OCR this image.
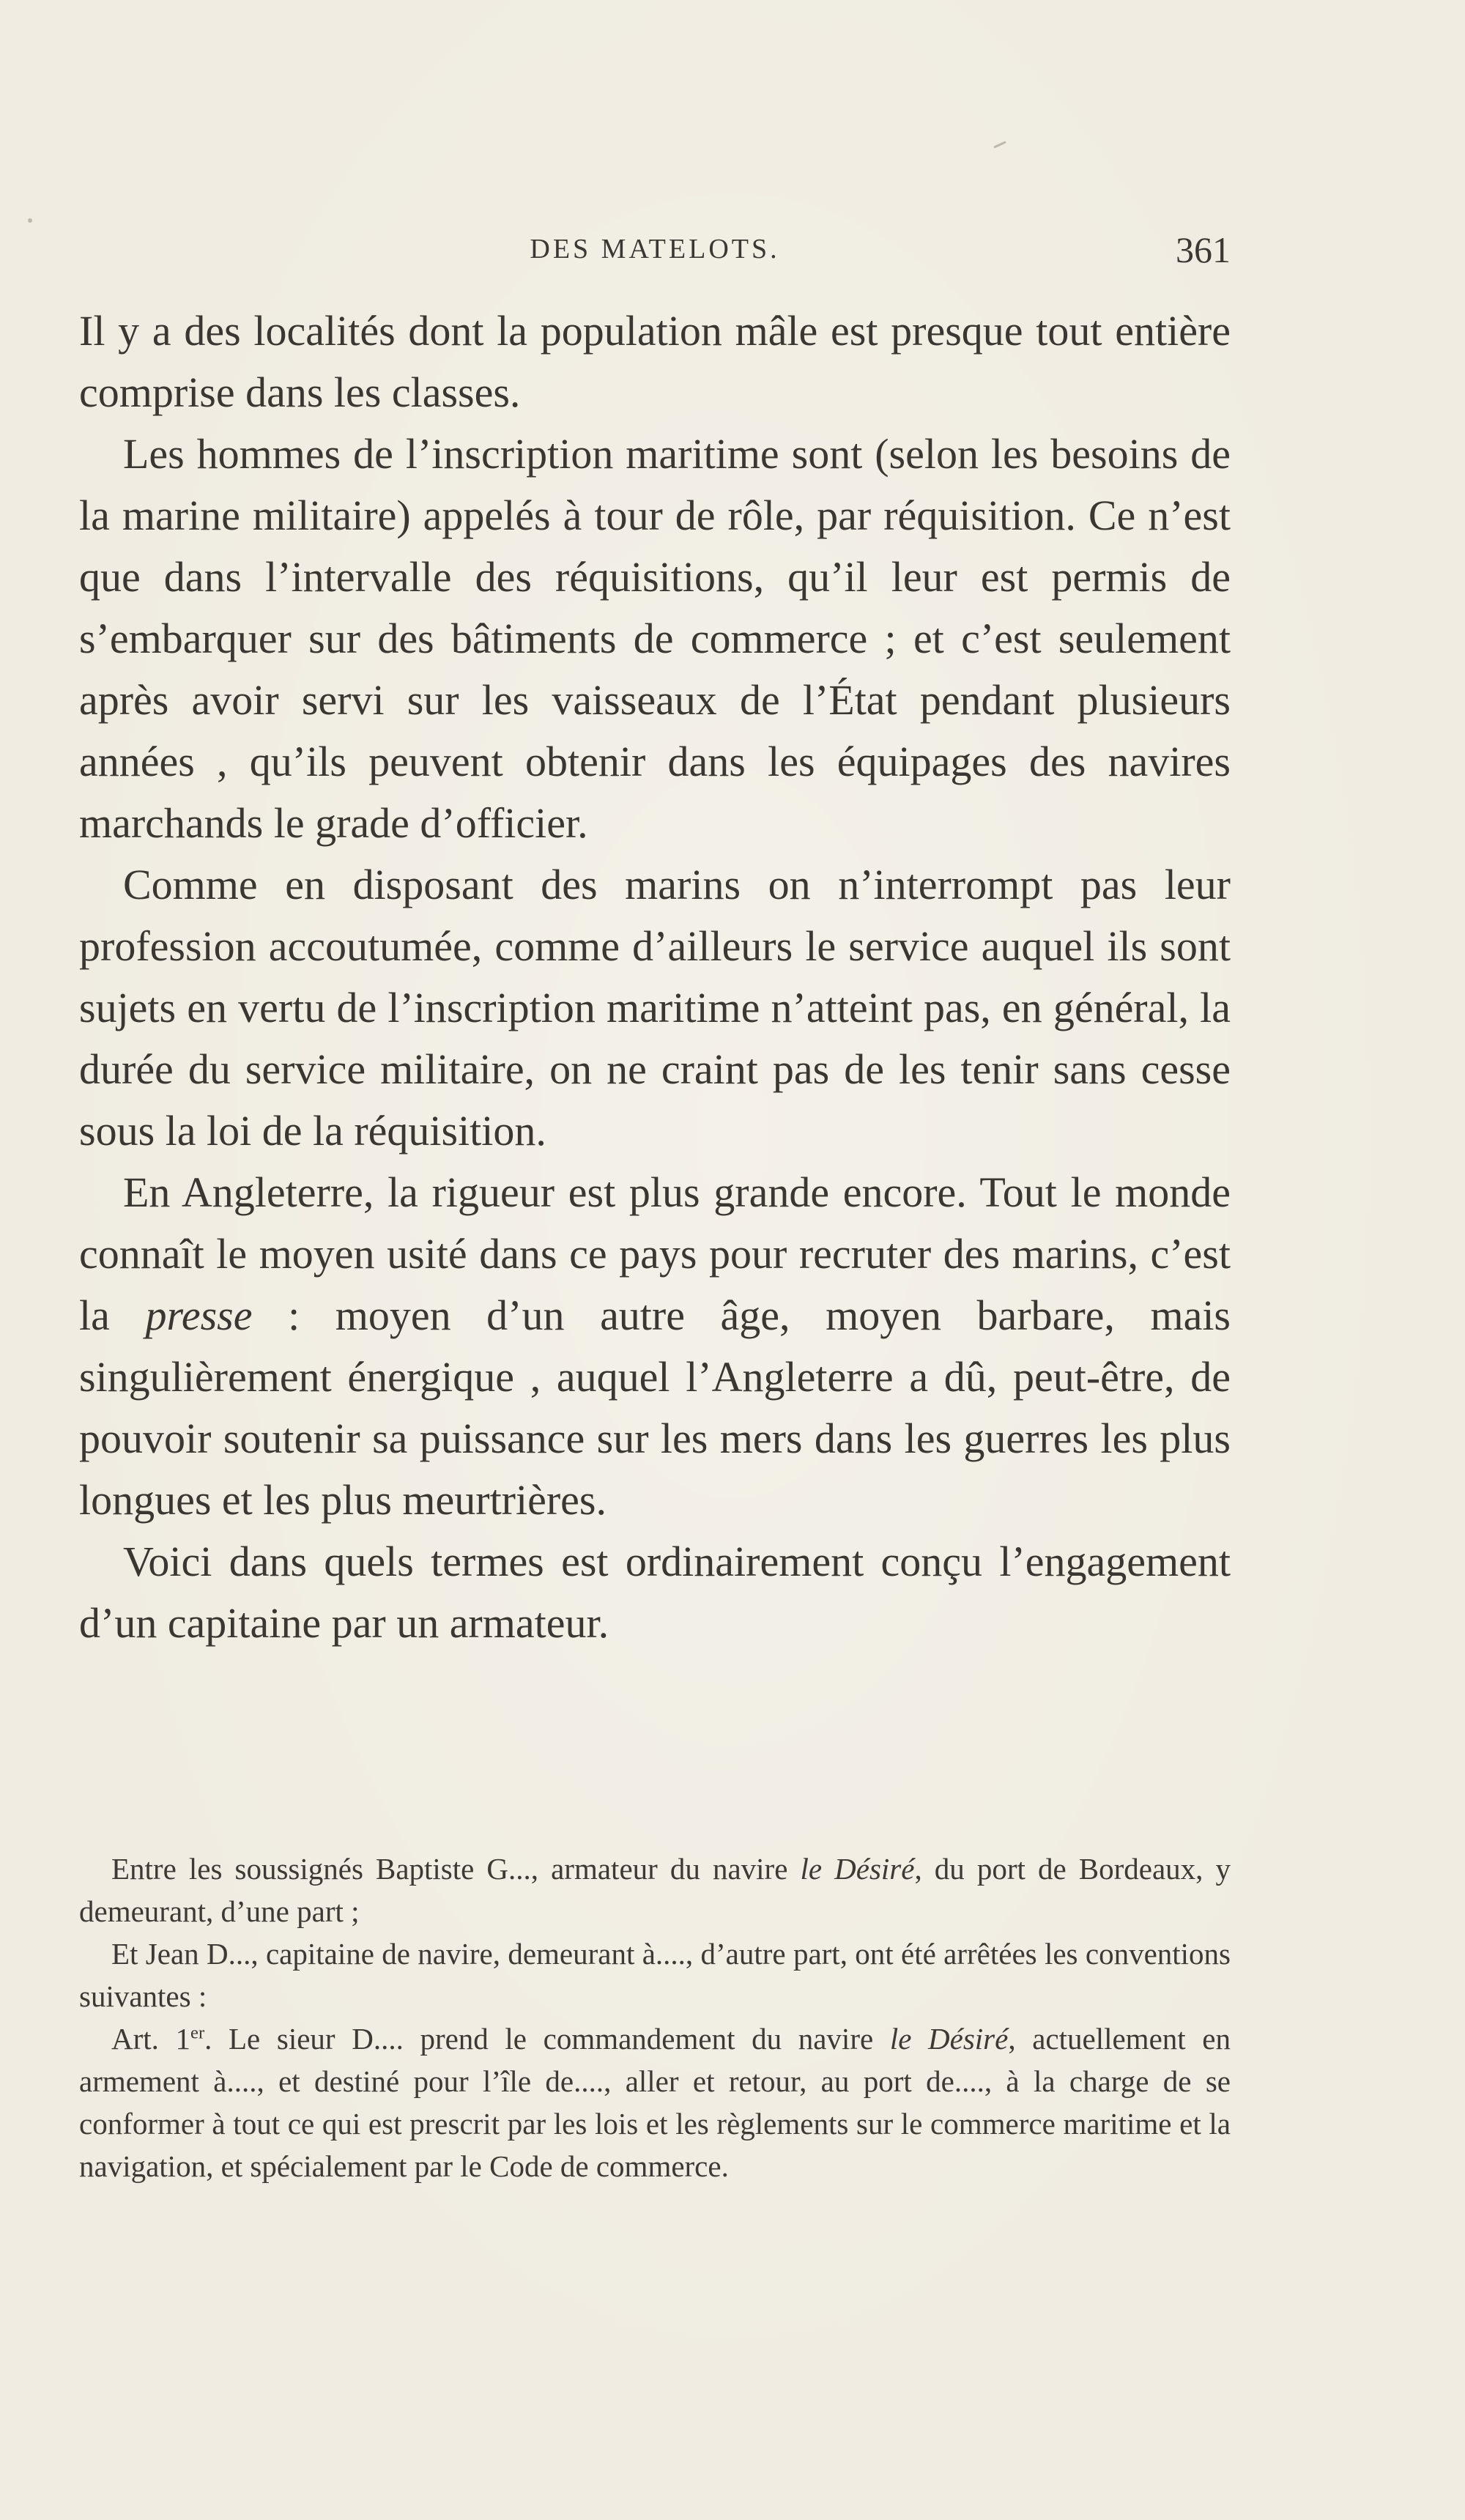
DES MATELOTS.	361

Il y a des localités dont la population mâle est presque tout entière comprise dans les classes.

Les hommes de l’inscription maritime sont (selon les besoins de la marine militaire) appelés à tour de rôle, par réquisition. Ce n’est que dans l’intervalle des réquisitions, qu’il leur est permis de s’embarquer sur des bâtiments de commerce ; et c’est seulement après avoir servi sur les vaisseaux de l’État pendant plusieurs années , qu’ils peuvent obtenir dans les équipages des navires marchands le grade d’officier.

Comme en disposant des marins on n’interrompt pas leur profession accoutumée, comme d’ailleurs le service auquel ils sont sujets en vertu de l’inscription maritime n’atteint pas, en général, la durée du service militaire, on ne craint pas de les tenir sans cesse sous la loi de la réquisition.

En Angleterre, la rigueur est plus grande encore. Tout le monde connaît le moyen usité dans ce pays pour recruter des marins, c’est la presse : moyen d’un autre âge, moyen barbare, mais singulièrement énergique , auquel l’Angleterre a dû, peut-être, de pouvoir soutenir sa puissance sur les mers dans les guerres les plus longues et les plus meurtrières.

Voici dans quels termes est ordinairement conçu l’engagement d’un capitaine par un armateur.

Entre les soussignés Baptiste G..., armateur du navire le Désiré, du port de Bordeaux, y demeurant, d’une part ;

Et Jean D..., capitaine de navire, demeurant à...., d’autre part, ont été arrêtées les conventions suivantes :

Art. 1er. Le sieur D.... prend le commandement du navire le Désiré, actuellement en armement à...., et destiné pour l’île de...., aller et retour, au port de...., à la charge de se conformer à tout ce qui est prescrit par les lois et les règlements sur le commerce maritime et la navigation, et spécialement par le Code de commerce.
